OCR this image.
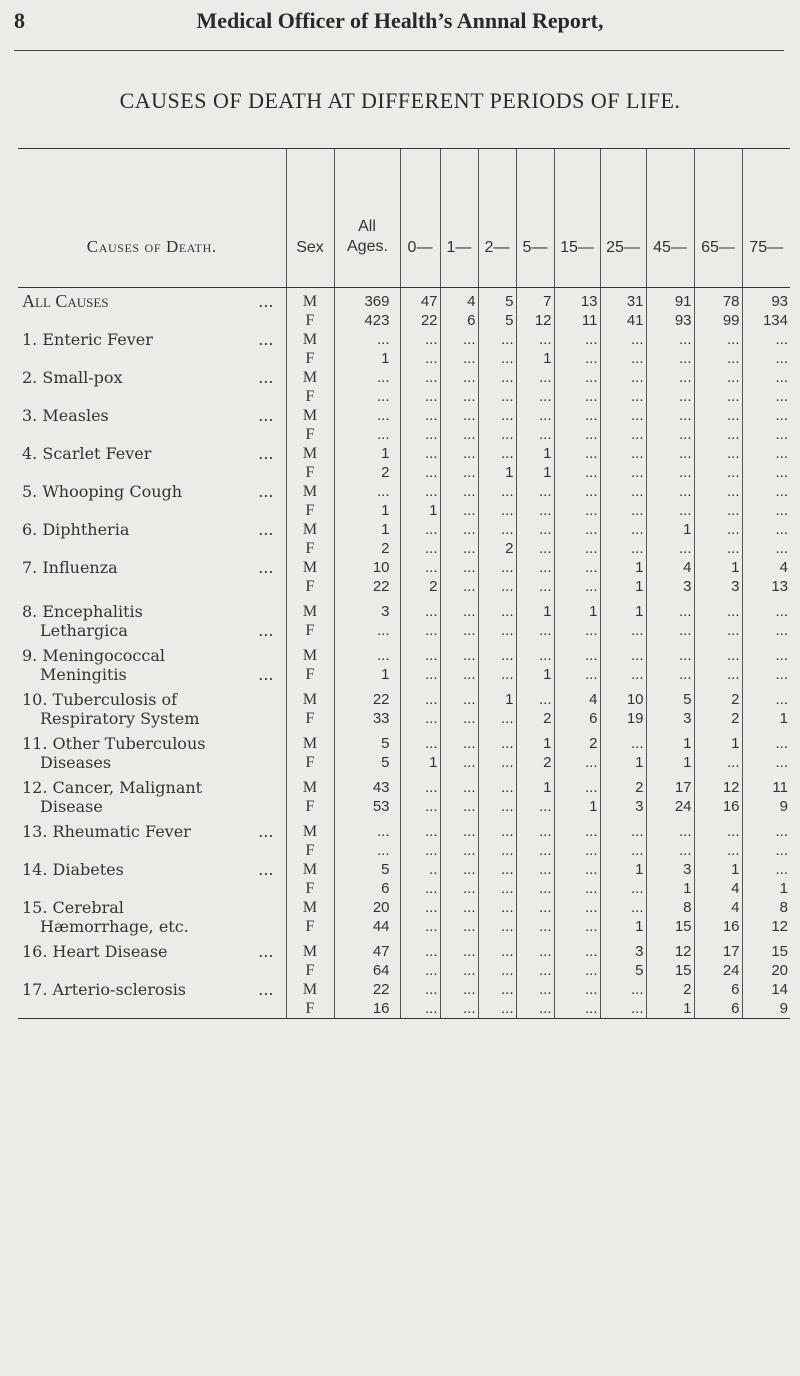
8	Medical Officer of Health’s Annnal Report,
CAUSES OF DEATH AT DIFFERENT PERIODS OF LIFE.
Causes of Death.	Sex	All Ages.	0—	1—	2—	5—	15—	25—	45—	65—	75—
All Causes ...	M	369	47	4	5	7	13	31	91	78	93
	F	423	22	6	5	12	11	41	93	99	134
1. Enteric Fever ...	M	...	...	...	...	...	...	...	...	...	...
	F	1	...	...	...	1	...	...	...	...	...
2. Small-pox ...	M	...	...	...	...	...	...	...	...	...	...
	F	...	...	...	...	...	...	...	...	...	...
3. Measles ...	M	...	...	...	...	...	...	...	...	...	...
	F	...	...	...	...	...	...	...	...	...	...
4. Scarlet Fever ...	M	1	...	...	...	1	...	...	...	...	...
	F	2	...	...	1	1	...	...	...	...	...
5. Whooping Cough ...	M	...	...	...	...	...	...	...	...	...	...
	F	1	1	...	...	...	...	...	...	...	...
6. Diphtheria ...	M	1	...	...	...	...	...	...	1	...	...
	F	2	...	...	2	...	...	...	...	...	...
7. Influenza ...	M	10	...	...	...	...	...	1	4	1	4
	F	22	2	...	...	...	...	1	3	3	13
8. Encephalitis	M	3	...	...	...	1	1	1	...	...	...
Lethargica ...	F	...	...	...	...	...	...	...	...	...	...
9. Meningococcal	M	...	...	...	...	...	...	...	...	...	...
Meningitis ...	F	1	...	...	...	1	...	...	...	...	...
10. Tuberculosis of	M	22	...	...	1	...	4	10	5	2	...
Respiratory System	F	33	...	...	...	2	6	19	3	2	1
11. Other Tuberculous	M	5	...	...	...	1	2	...	1	1	...
Diseases	F	5	1	...	...	2	...	1	1	...	...
12. Cancer, Malignant	M	43	...	...	...	1	...	2	17	12	11
Disease	F	53	...	...	...	...	1	3	24	16	9
13. Rheumatic Fever ...	M	...	...	...	...	...	...	...	...	...	...
	F	...	...	...	...	...	...	...	...	...	...
14. Diabetes ...	M	5	..	...	...	...	...	1	3	1	...
	F	6	...	...	...	...	...	...	1	4	1
15. Cerebral	M	20	...	...	...	...	...	...	8	4	8
Hæmorrhage, etc.	F	44	...	...	...	...	...	1	15	16	12
16. Heart Disease ...	M	47	...	...	...	...	...	3	12	17	15
	F	64	...	...	...	...	...	5	15	24	20
17. Arterio-sclerosis ...	M	22	...	...	...	...	...	...	2	6	14
	F	16	...	...	...	...	...	...	1	6	9
